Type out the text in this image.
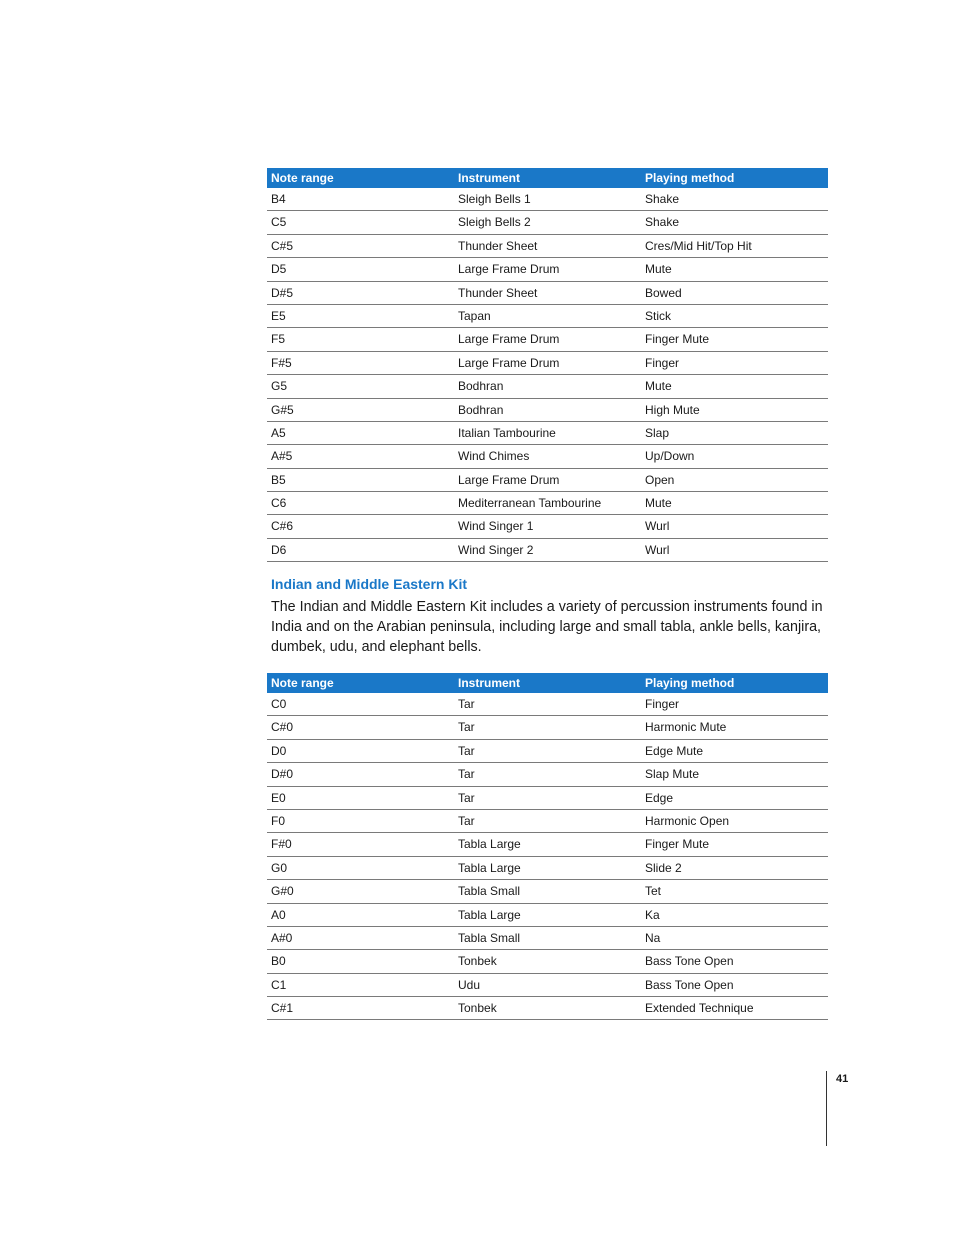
Note range	Instrument	Playing method
B4	Sleigh Bells 1	Shake
C5	Sleigh Bells 2	Shake
C#5	Thunder Sheet	Cres/Mid Hit/Top Hit
D5	Large Frame Drum	Mute
D#5	Thunder Sheet	Bowed
E5	Tapan	Stick
F5	Large Frame Drum	Finger Mute
F#5	Large Frame Drum	Finger
G5	Bodhran	Mute
G#5	Bodhran	High Mute
A5	Italian Tambourine	Slap
A#5	Wind Chimes	Up/Down
B5	Large Frame Drum	Open
C6	Mediterranean Tambourine	Mute
C#6	Wind Singer 1	Wurl
D6	Wind Singer 2	Wurl
Indian and Middle Eastern Kit
The Indian and Middle Eastern Kit includes a variety of percussion instruments found in India and on the Arabian peninsula, including large and small tabla, ankle bells, kanjira, dumbek, udu, and elephant bells.
Note range	Instrument	Playing method
C0	Tar	Finger
C#0	Tar	Harmonic Mute
D0	Tar	Edge Mute
D#0	Tar	Slap Mute
E0	Tar	Edge
F0	Tar	Harmonic Open
F#0	Tabla Large	Finger Mute
G0	Tabla Large	Slide 2
G#0	Tabla Small	Tet
A0	Tabla Large	Ka
A#0	Tabla Small	Na
B0	Tonbek	Bass Tone Open
C1	Udu	Bass Tone Open
C#1	Tonbek	Extended Technique
41
